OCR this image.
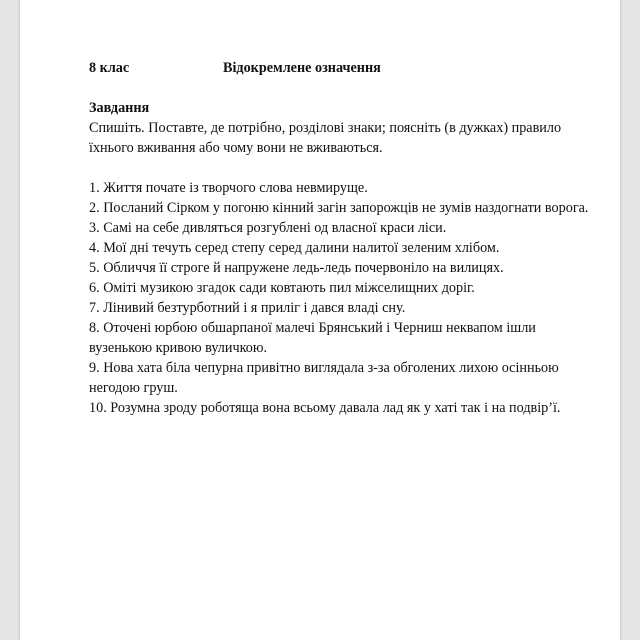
8 клас	Відокремлене означення
Завдання

Спишіть. Поставте, де потрібно, розділові знаки; поясніть (в дужках) правило їхнього вживання або чому вони не вживаються.

1. Життя почате із творчого слова невмируще.

2. Посланий Сірком у погоню кінний загін запорожців не зумів наздогнати ворога.

3. Самі на себе дивляться розгублені од власної краси ліси.

4. Мої дні течуть серед степу серед далини налитої зеленим хлібом.

5. Обличчя її строге й напружене ледь-ледь почервоніло на вилицях.

6. Оміті музикою згадок сади ковтають пил міжселищних доріг.

7. Лінивий безтурботний і я приліг і дався владі сну.

8. Оточені юрбою обшарпаної малечі Брянський і Черниш неквапом ішли вузенькою кривою вуличкою.

9. Нова хата біла чепурна привітно виглядала з-за обголених лихою осінньою негодою груш.

10. Розумна зроду роботяща вона всьому давала лад як у хаті так і на подвір’ї.
